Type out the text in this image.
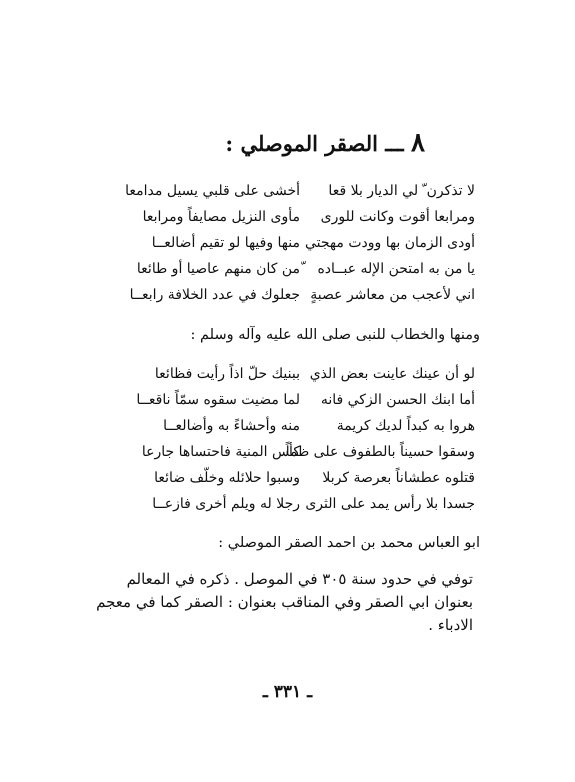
٨ ـــ الصقر الموصلي :
لا تذكرن ّ لي الديار بلا قعا
أخشى على قلبي يسيل مدامعا
ومرابعا أقوت وكانت للورى
مأوى النزيل مصايفاً ومرابعا
أودى الزمان بها وودت مهجتي
منها وفيها لو تقيم أضالعــا
يا من به امتحن الإله عبــاده
ّمن كان منهم عاصيا أو طائعا
اني لأعجب من معاشر عصبةٍ
جعلوك في عدد الخلافة رابعــا
ومنها والخطاب للنبى صلى الله عليه وآله وسلم :
لو أن عينك عاينت بعض الذي
ببنيك حلّ اذاً رأيت فظائعا
أما ابنك الحسن الزكي فانه
لما مضيت سقوه سمّاً ناقعــا
هروا به كبداً لديك كريمة
منه وأحشاءً به وأضالعــا
وسقوا حسيناً بالطفوف على ظماً
كأس المنية فاحتساها جارعا
قتلوه عطشاناً بعرصة كربلا
وسبوا حلائله وخلّف ضائعا
جسدا بلا رأس يمد على الثرى
رجلا له ويلم أخرى فازعــا
ابو العباس محمد بن احمد الصقر الموصلي :
توفي في حدود سنة ٣٠٥ في الموصل . ذكره في المعالم بعنوان ابي الصقر وفي المناقب بعنوان : الصقر كما في معجم الادباء .
ـ ٣٣١ ـ
